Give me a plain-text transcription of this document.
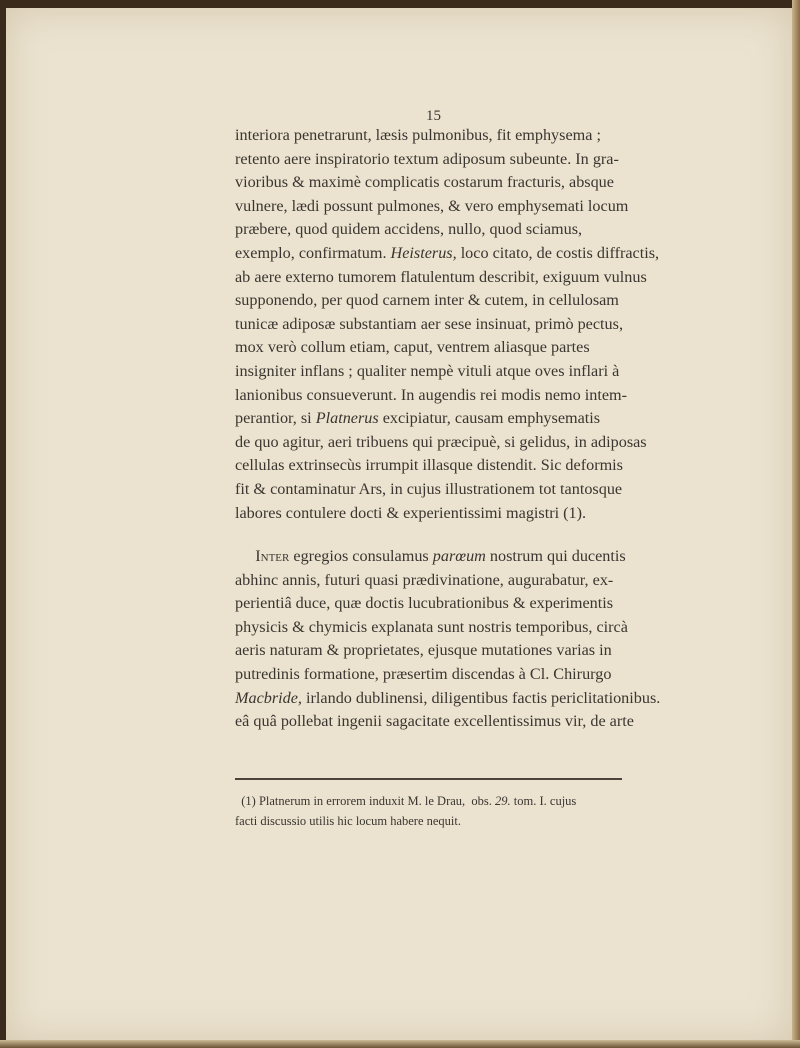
15
interiora penetrarunt, læsis pulmonibus, fit emphysema ;
retento aere inspiratorio textum adiposum subeunte. In gra-
vioribus & maximè complicatis costarum fracturis, absque
vulnere, lædi possunt pulmones, & vero emphysemati locum
præbere, quod quidem accidens, nullo, quod sciamus,
exemplo, confirmatum. Heisterus, loco citato, de costis diffractis,
ab aere externo tumorem flatulentum describit, exiguum vulnus
supponendo, per quod carnem inter & cutem, in cellulosam
tunicæ adiposæ substantiam aer sese insinuat, primò pectus,
mox verò collum etiam, caput, ventrem aliasque partes
insigniter inflans ; qualiter nempè vituli atque oves inflari à
lanionibus consueverunt. In augendis rei modis nemo intem-
perantior, si Platnerus excipiatur, causam emphysematis
de quo agitur, aeri tribuens qui præcipuè, si gelidus, in adiposas
cellulas extrinsecùs irrumpit illasque distendit. Sic deformis
fit & contaminatur Ars, in cujus illustrationem tot tantosque
labores contulere docti & experientissimi magistri (1).
Inter egregios consulamus parœum nostrum qui ducentis
abhinc annis, futuri quasi prædivinatione, augurabatur, ex-
perientiâ duce, quæ doctis lucubrationibus & experimentis
physicis & chymicis explanata sunt nostris temporibus, circà
aeris naturam & proprietates, ejusque mutationes varias in
putredinis formatione, præsertim discendas à Cl. Chirurgo
Macbride, irlando dublinensi, diligentibus factis periclitationibus.
eâ quâ pollebat ingenii sagacitate excellentissimus vir, de arte
(1) Platnerum in errorem induxit M. le Drau, obs. 29. tom. I. cujus
facti discussio utilis hic locum habere nequit.
